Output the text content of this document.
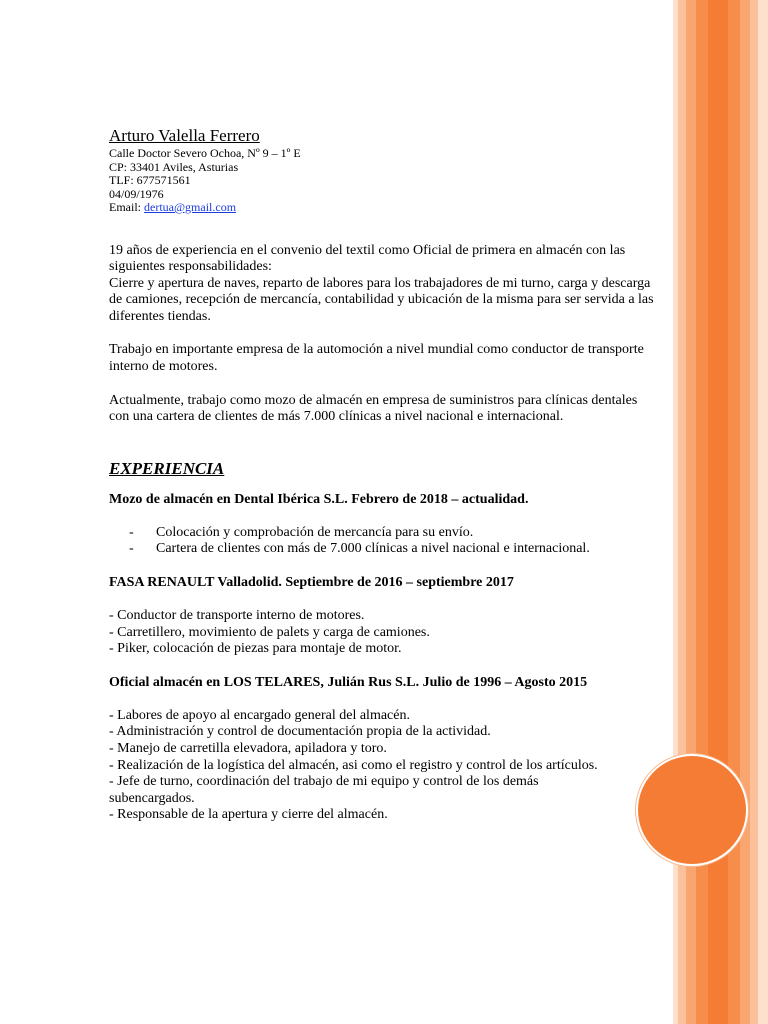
Arturo Valella Ferrero
Calle Doctor Severo Ochoa, Nº 9 – 1º E
CP: 33401 Aviles, Asturias
TLF: 677571561
04/09/1976
Email: dertua@gmail.com

19 años de experiencia en el convenio del textil como Oficial de primera en almacén con las siguientes responsabilidades:

Cierre y apertura de naves, reparto de labores para los trabajadores de mi turno, carga y descarga de camiones, recepción de mercancía, contabilidad y ubicación de la misma para ser servida a las diferentes tiendas.

Trabajo en importante empresa de la automoción a nivel mundial como conductor de transporte interno de motores.

Actualmente, trabajo como mozo de almacén en empresa de suministros para clínicas dentales con una cartera de clientes de más 7.000 clínicas a nivel nacional e internacional.

EXPERIENCIA
Mozo de almacén en Dental Ibérica S.L. Febrero de 2018 – actualidad.
- Colocación y comprobación de mercancía para su envío.
- Cartera de clientes con más de 7.000 clínicas a nivel nacional e internacional.
FASA RENAULT Valladolid. Septiembre de 2016 – septiembre 2017
- Conductor de transporte interno de motores.
- Carretillero, movimiento de palets y carga de camiones.
- Piker, colocación de piezas para montaje de motor.
Oficial almacén en LOS TELARES, Julián Rus S.L. Julio de 1996 – Agosto 2015
- Labores de apoyo al encargado general del almacén.
- Administración y control de documentación propia de la actividad.
- Manejo de carretilla elevadora, apiladora y toro.
- Realización de la logística del almacén, asi como el registro y control de los artículos.
- Jefe de turno, coordinación del trabajo de mi equipo y control de los demás subencargados.
- Responsable de la apertura y cierre del almacén.
